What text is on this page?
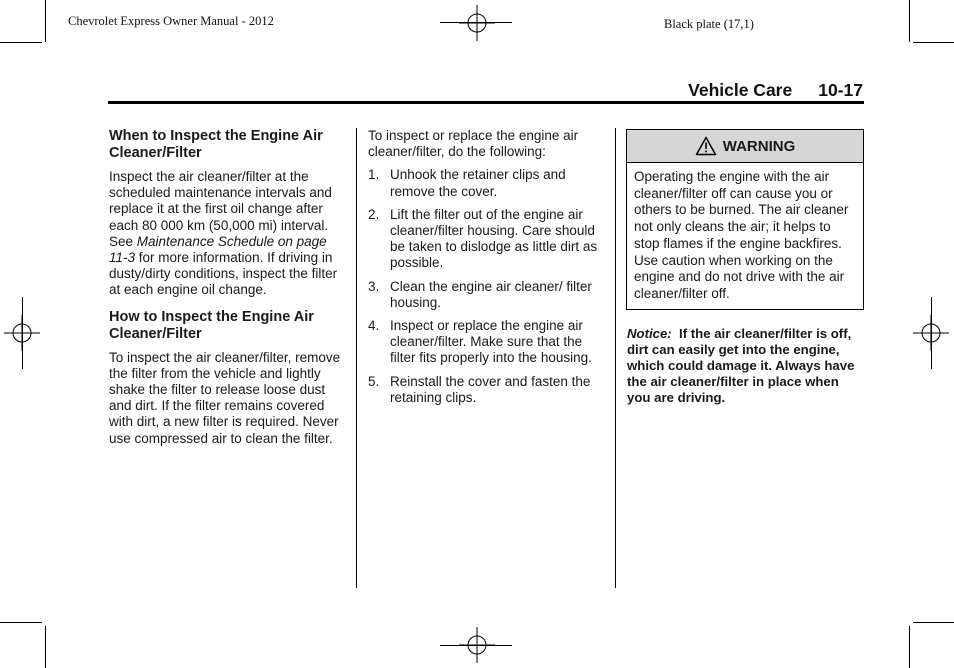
Chevrolet Express Owner Manual - 2012	Black plate (17,1)
Vehicle Care 10-17
When to Inspect the Engine Air Cleaner/Filter

Inspect the air cleaner/filter at the scheduled maintenance intervals and replace it at the first oil change after each 80 000 km (50,000 mi) interval. See Maintenance Schedule on page 11-3 for more information. If driving in dusty/dirty conditions, inspect the filter at each engine oil change.

How to Inspect the Engine Air Cleaner/Filter

To inspect the air cleaner/filter, remove the filter from the vehicle and lightly shake the filter to release loose dust and dirt. If the filter remains covered with dirt, a new filter is required. Never use compressed air to clean the filter.

To inspect or replace the engine air cleaner/filter, do the following:

1. Unhook the retainer clips and remove the cover.
2. Lift the filter out of the engine air cleaner/filter housing. Care should be taken to dislodge as little dirt as possible.
3. Clean the engine air cleaner/ filter housing.
4. Inspect or replace the engine air cleaner/filter. Make sure that the filter fits properly into the housing.
5. Reinstall the cover and fasten the retaining clips.
WARNING
Operating the engine with the air cleaner/filter off can cause you or others to be burned. The air cleaner not only cleans the air; it helps to stop flames if the engine backfires. Use caution when working on the engine and do not drive with the air cleaner/filter off.
Notice:  If the air cleaner/filter is off, dirt can easily get into the engine, which could damage it. Always have the air cleaner/filter in place when you are driving.
